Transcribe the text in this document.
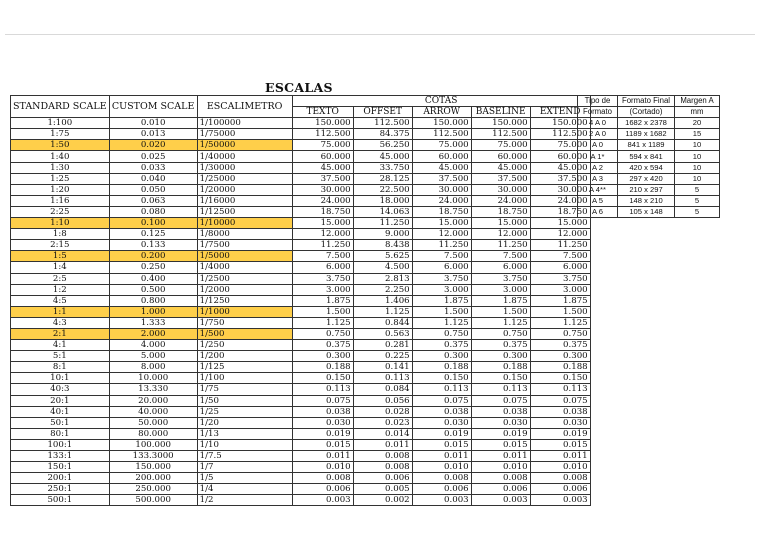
ESCALAS
STANDARD SCALE	CUSTOM SCALE	ESCALIMETRO	COTAS				
			TEXTO	OFFSET	ARROW	BASELINE	EXTEND
1:100	0.010	1/100000	150.000	112.500	150.000	150.000	150.000
1:75	0.013	1/75000	112.500	84.375	112.500	112.500	112.500
1:50	0.020	1/50000	75.000	56.250	75.000	75.000	75.000
1:40	0.025	1/40000	60.000	45.000	60.000	60.000	60.000
1:30	0.033	1/30000	45.000	33.750	45.000	45.000	45.000
1:25	0.040	1/25000	37.500	28.125	37.500	37.500	37.500
1:20	0.050	1/20000	30.000	22.500	30.000	30.000	30.000
1:16	0.063	1/16000	24.000	18.000	24.000	24.000	24.000
2:25	0.080	1/12500	18.750	14.063	18.750	18.750	18.750
1:10	0.100	1/10000	15.000	11.250	15.000	15.000	15.000
1:8	0.125	1/8000	12.000	9.000	12.000	12.000	12.000
2:15	0.133	1/7500	11.250	8.438	11.250	11.250	11.250
1:5	0.200	1/5000	7.500	5.625	7.500	7.500	7.500
1:4	0.250	1/4000	6.000	4.500	6.000	6.000	6.000
2:5	0.400	1/2500	3.750	2.813	3.750	3.750	3.750
1:2	0.500	1/2000	3.000	2.250	3.000	3.000	3.000
4:5	0.800	1/1250	1.875	1.406	1.875	1.875	1.875
1:1	1.000	1/1000	1.500	1.125	1.500	1.500	1.500
4:3	1.333	1/750	1.125	0.844	1.125	1.125	1.125
2:1	2.000	1/500	0.750	0.563	0.750	0.750	0.750
4:1	4.000	1/250	0.375	0.281	0.375	0.375	0.375
5:1	5.000	1/200	0.300	0.225	0.300	0.300	0.300
8:1	8.000	1/125	0.188	0.141	0.188	0.188	0.188
10:1	10.000	1/100	0.150	0.113	0.150	0.150	0.150
40:3	13.330	1/75	0.113	0.084	0.113	0.113	0.113
20:1	20.000	1/50	0.075	0.056	0.075	0.075	0.075
40:1	40.000	1/25	0.038	0.028	0.038	0.038	0.038
50:1	50.000	1/20	0.030	0.023	0.030	0.030	0.030
80:1	80.000	1/13	0.019	0.014	0.019	0.019	0.019
100:1	100.000	1/10	0.015	0.011	0.015	0.015	0.015
133:1	133.3000	1/7.5	0.011	0.008	0.011	0.011	0.011
150:1	150.000	1/7	0.010	0.008	0.010	0.010	0.010
200:1	200.000	1/5	0.008	0.006	0.008	0.008	0.008
250:1	250.000	1/4	0.006	0.005	0.006	0.006	0.006
500:1	500.000	1/2	0.003	0.002	0.003	0.003	0.003
Tipo de	Formato Final	Margen A
Formato	(Cortado)	mm
4 A 0	1682 x 2378	20
2 A 0	1189 x 1682	15
A 0	841 x 1189	10
A 1*	594 x 841	10
A 2	420 x 594	10
A 3	297 x 420	10
A 4**	210 x 297	5
A 5	148 x 210	5
A 6	105 x 148	5
